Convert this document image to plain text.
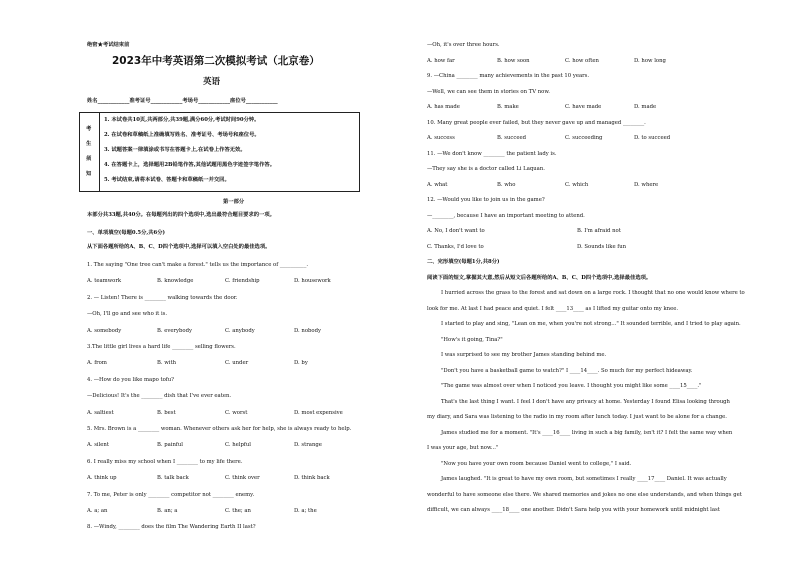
绝密★考试结束前
2023年中考英语第二次模拟考试（北京卷）
英语
姓名____________准考证号____________考场号____________座位号____________
考
生
须
知
1. 本试卷共10页,共两部分,共39题,满分60分,考试时间90分钟。
2. 在试卷和草稿纸上准确填写姓名、准考证号、考场号和座位号。
3. 试题答案一律填涂或书写在答题卡上,在试卷上作答无效。
4. 在答题卡上，选择题用2B铅笔作答,其他试题用黑色字迹签字笔作答。
5. 考试结束,请将本试卷、答题卡和草稿纸一并交回。
第一部分
本部分共33题,共40分。在每题列出的四个选项中,选出最符合题目要求的一项。
一、单项填空(每题0.5分,共6分)
从下面各题所给的A、B、C、D四个选项中,选择可以填入空白处的最佳选项。
1. The saying "One tree can't make a forest." tells us the importance of __________.
A. teamwork	B. knowledge	C. friendship	D. housework
2. — Listen! There is ________ walking towards the door.
—Oh, I'll go and see who it is.
A. somebody	B. everybody	C. anybody	D. nobody
3.The little girl lives a hard life ________ selling flowers.
A. from	B. with	C. under	D. by
4. —How do you like mapo tofu?
—Delicious! It's the ________ dish that I've ever eaten.
A. saltiest	B. best	C. worst	D. most expensive
5. Mrs. Brown is a ________ woman. Whenever others ask her for help, she is always ready to help.
A. silent	B. painful	C. helpful	D. strange
6. I really miss my school when I ________ to my life there.
A. think up	B. talk back	C. think over	D. think back
7. To me, Peter is only ________ competitor not ________ enemy.
A. a; an	B. an; a	C. the; an	D. a; the
8. —Windy, ________ does the film The Wandering Earth II last?
—Oh, it's over three hours.
A. how far	B. how soon	C. how often	D. how long
9. —China ________ many achievements in the past 10 years.
—Well, we can see them in stories on TV now.
A. has made	B. make	C. have made	D. made
10. Many great people ever failed, but they never gave up and managed ________.
A. success	B. succeed	C. succeeding	D. to succeed
11. —We don't know ________ the patient lady is.
—They say she is a doctor called Li Laquan.
A. what	B. who	C. which	D. where
12. —Would you like to join us in the game?
—________, because I have an important meeting to attend.
A. No, I don't want to	B. I'm afraid not
C. Thanks, I'd love to	D. Sounds like fun
二、完形填空(每题1分,共8分)
阅读下面的短文,掌握其大意,然后从短文后各题所给的A、B、C、D四个选项中,选择最佳选项。
I hurried across the grass to the forest and sat down on a large rock. I thought that no one would know where to
look for me. At last I had peace and quiet. I felt ____13____ as I lifted my guitar onto my knee.
I started to play and sing, "Lean on me, when you're not strong..." It sounded terrible, and I tried to play again.
"How's it going, Tina?"
I was surprised to see my brother James standing behind me.
"Don't you have a basketball game to watch?" I ____14____. So much for my perfect hideaway.
"The game was almost over when I noticed you leave. I thought you might like some ____15____."
That's the last thing I want. I feel I don't have any privacy at home. Yesterday I found Elisa looking through
my diary, and Sara was listening to the radio in my room after lunch today. I just want to be alone for a change.
James studied me for a moment. "It's ____16____ living in such a big family, isn't it? I felt the same way when
I was your age, but now..."
"Now you have your own room because Daniel went to college," I said.
James laughed. "It is great to have my own room, but sometimes I really ____17____ Daniel. It was actually
wonderful to have someone else there. We shared memories and jokes no one else understands, and when things get
difficult, we can always ____18____ one another. Didn't Sara help you with your homework until midnight last
